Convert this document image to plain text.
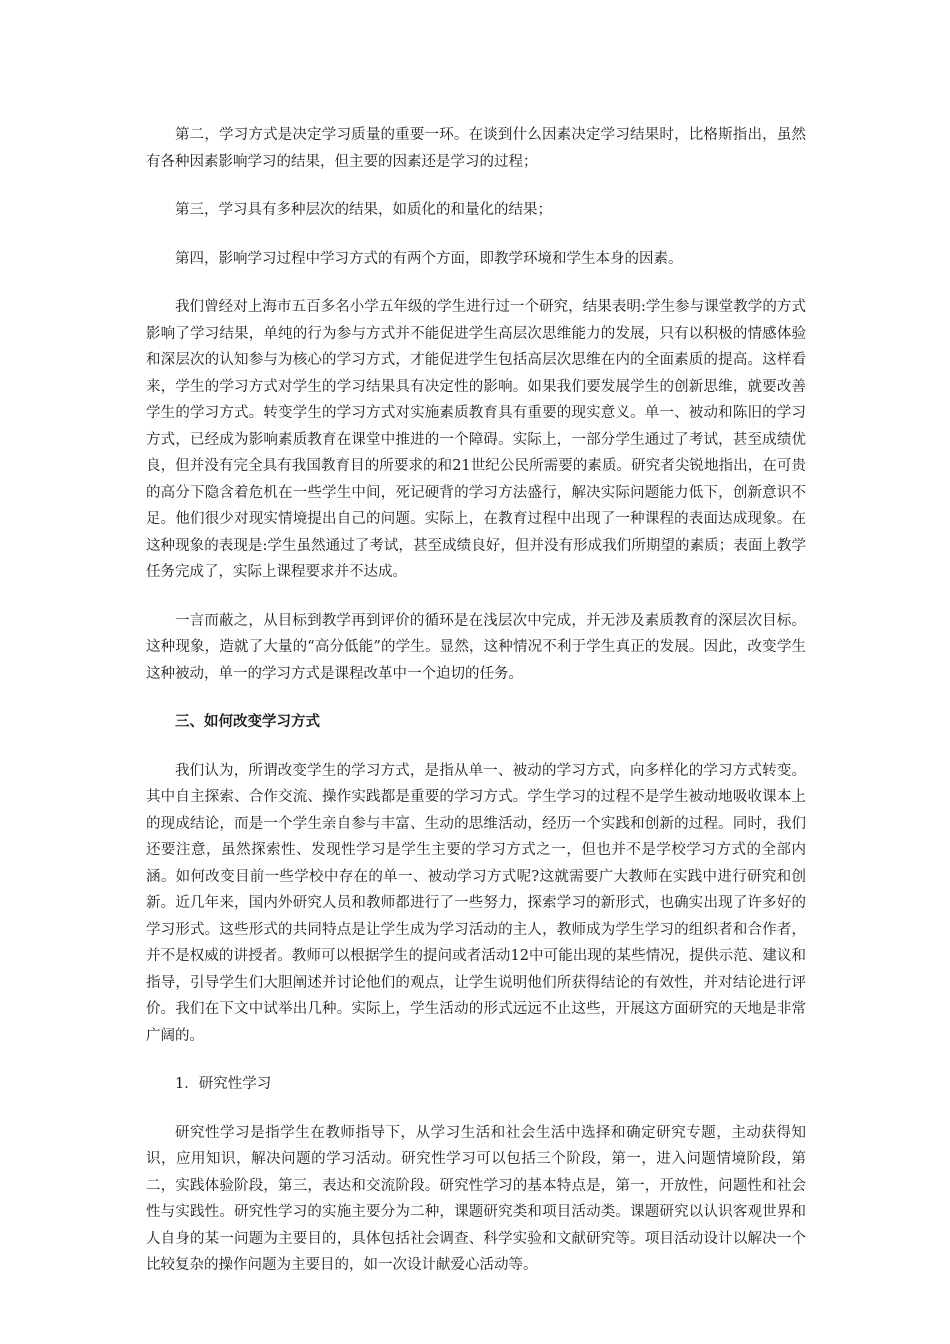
第二，学习方式是决定学习质量的重要一环。在谈到什么因素决定学习结果时，比格斯指出，虽然有各种因素影响学习的结果，但主要的因素还是学习的过程；

第三，学习具有多种层次的结果，如质化的和量化的结果；

第四，影响学习过程中学习方式的有两个方面，即教学环境和学生本身的因素。

我们曾经对上海市五百多名小学五年级的学生进行过一个研究，结果表明:学生参与课堂教学的方式影响了学习结果，单纯的行为参与方式并不能促进学生高层次思维能力的发展，只有以积极的情感体验和深层次的认知参与为核心的学习方式，才能促进学生包括高层次思维在内的全面素质的提高。这样看来，学生的学习方式对学生的学习结果具有决定性的影响。如果我们要发展学生的创新思维，就要改善学生的学习方式。转变学生的学习方式对实施素质教育具有重要的现实意义。单一、被动和陈旧的学习方式，已经成为影响素质教育在课堂中推进的一个障碍。实际上，一部分学生通过了考试，甚至成绩优良，但并没有完全具有我国教育目的所要求的和21世纪公民所需要的素质。研究者尖锐地指出，在可贵的高分下隐含着危机在一些学生中间，死记硬背的学习方法盛行，解决实际问题能力低下，创新意识不足。他们很少对现实情境提出自己的问题。实际上，在教育过程中出现了一种课程的表面达成现象。在这种现象的表现是:学生虽然通过了考试，甚至成绩良好，但并没有形成我们所期望的素质；表面上教学任务完成了，实际上课程要求并不达成。

一言而蔽之，从目标到教学再到评价的循环是在浅层次中完成，并无涉及素质教育的深层次目标。这种现象，造就了大量的“高分低能”的学生。显然，这种情况不利于学生真正的发展。因此，改变学生这种被动，单一的学习方式是课程改革中一个迫切的任务。

三、如何改变学习方式

我们认为，所谓改变学生的学习方式，是指从单一、被动的学习方式，向多样化的学习方式转变。其中自主探索、合作交流、操作实践都是重要的学习方式。学生学习的过程不是学生被动地吸收课本上的现成结论，而是一个学生亲自参与丰富、生动的思维活动，经历一个实践和创新的过程。同时，我们还要注意，虽然探索性、发现性学习是学生主要的学习方式之一，但也并不是学校学习方式的全部内涵。如何改变目前一些学校中存在的单一、被动学习方式呢?这就需要广大教师在实践中进行研究和创新。近几年来，国内外研究人员和教师都进行了一些努力，探索学习的新形式，也确实出现了许多好的学习形式。这些形式的共同特点是让学生成为学习活动的主人，教师成为学生学习的组织者和合作者，并不是权威的讲授者。教师可以根据学生的提问或者活动12中可能出现的某些情况，提供示范、建议和指导，引导学生们大胆阐述并讨论他们的观点，让学生说明他们所获得结论的有效性，并对结论进行评价。我们在下文中试举出几种。实际上，学生活动的形式远远不止这些，开展这方面研究的天地是非常广阔的。

1．研究性学习

研究性学习是指学生在教师指导下，从学习生活和社会生活中选择和确定研究专题，主动获得知识，应用知识，解决问题的学习活动。研究性学习可以包括三个阶段，第一，进入问题情境阶段，第二，实践体验阶段，第三，表达和交流阶段。研究性学习的基本特点是，第一，开放性，问题性和社会性与实践性。研究性学习的实施主要分为二种，课题研究类和项目活动类。课题研究以认识客观世界和人自身的某一问题为主要目的，具体包括社会调查、科学实验和文献研究等。项目活动设计以解决一个比较复杂的操作问题为主要目的，如一次设计献爱心活动等。
